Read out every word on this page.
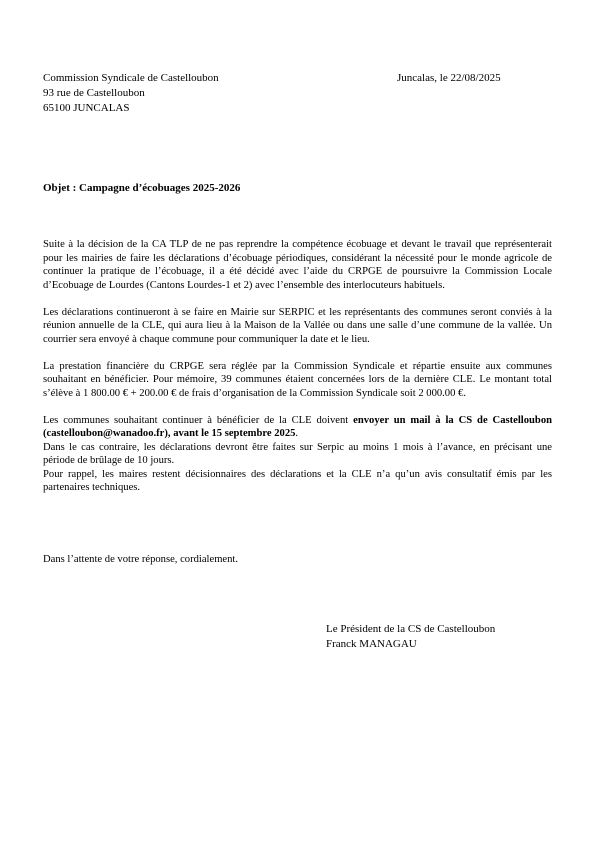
Commission Syndicale de Castelloubon
93 rue de Castelloubon
65100 JUNCALAS
Juncalas, le 22/08/2025
Objet : Campagne d’écobuages 2025-2026

Suite à la décision de la CA TLP de ne pas reprendre la compétence écobuage et devant le travail que représenterait pour les mairies de faire les déclarations d’écobuage périodiques, considérant la nécessité pour le monde agricole de continuer la pratique de l’écobuage, il a été décidé avec l’aide du CRPGE de poursuivre la Commission Locale d’Ecobuage de Lourdes (Cantons Lourdes-1 et 2) avec l’ensemble des interlocuteurs habituels.

Les déclarations continueront à se faire en Mairie sur SERPIC et les représentants des communes seront conviés à la réunion annuelle de la CLE, qui aura lieu à la Maison de la Vallée ou dans une salle d’une commune de la vallée. Un courrier sera envoyé à chaque commune pour communiquer la date et le lieu.

La prestation financière du CRPGE sera réglée par la Commission Syndicale et répartie ensuite aux communes souhaitant en bénéficier. Pour mémoire, 39 communes étaient concernées lors de la dernière CLE. Le montant total s’élève à 1 800.00 € + 200.00 € de frais d’organisation de la Commission Syndicale soit 2 000.00 €.

Les communes souhaitant continuer à bénéficier de la CLE doivent envoyer un mail à la CS de Castelloubon (castelloubon@wanadoo.fr), avant le 15 septembre 2025.

Dans le cas contraire, les déclarations devront être faites sur Serpic au moins 1 mois à l’avance, en précisant une période de brûlage de 10 jours.

Pour rappel, les maires restent décisionnaires des déclarations et la CLE n’a qu’un avis consultatif émis par les partenaires techniques.

Dans l’attente de votre réponse, cordialement.
Le Président de la CS de Castelloubon
Franck MANAGAU
